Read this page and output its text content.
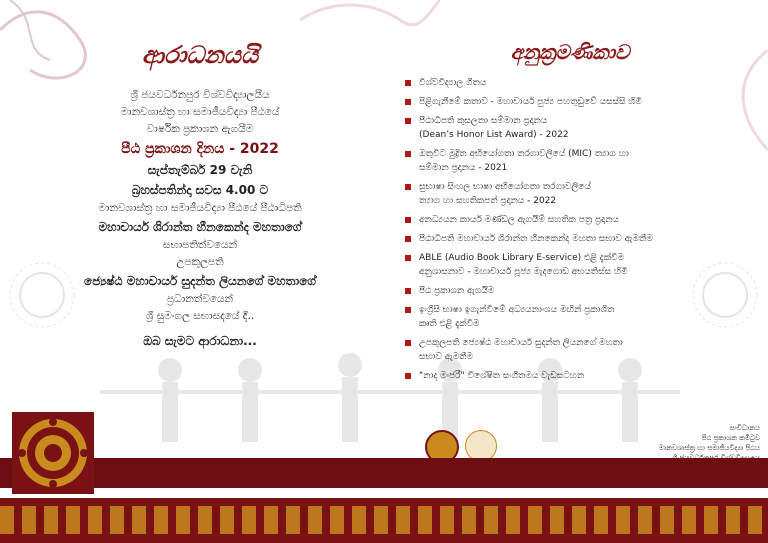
ආරාධනයයි

ශ්‍රී ජයවර්ධනපුර විශ්වවිද්‍යාලයීය

මානවශාස්ත්‍ර හා සමාජීයවිද්‍යා පීඨයේ

වාර්ෂික ප්‍රකාශන ඇගයීම

පීඨ ප්‍රකාශන දිනය - 2022

සැප්තැම්බර් 29 වැනි

බ්‍රහස්පතින්දා සවස 4.00 ට

මානවශාස්ත්‍ර හා සමාජීයවිද්‍යා පීඨයේ පීඨාධිපති

මහාචාර්ය ශිරාන්ත හීනකෙන්ද මහතාගේ

සභාපතිත්වයෙන්

උපකුලපති

ජ්‍යෙෂ්ඨ මහාචාර්ය සුදන්ත ලියනගේ මහතාගේ

ප්‍රධානත්වයෙන්

ශ්‍රී සුමංගල සභාසදයේ දී..

ඔබ සැමට ආරාධනා...

අනුක්‍රමණිකාව
විශ්වවිද්‍යාල ගීතය
පිළිගැනීමේ කතාව - මහාචාර්ය පුජ්‍ය පහතුඩුවේ යසස්සි හිමි
පීඨාධිපති කුසලතා සම්මාන ප්‍රදානය
(Dean’s Honor List Award) - 2022
ඔතුවිට මුද්‍රිත අභියෝගතා තරගාවලියේ (MIC) ත්‍යාග හා
සම්මාන ප්‍රදානය - 2021
සුභාෂා සිංහල භාෂා අභියෝගතා තරගාවලියේ
ත්‍යාග හා සහතිකපත් ප්‍රදානය - 2022
අනධ්‍යයන කාර්ය මණ්ඩල ඇගයීම් සහතික පත්‍ර ප්‍රදානය
පීඨාධිපති මහාචාර්ය ශිරාන්ත හීනකෙන්ද මහතා සභාව ඇමතීම
ABLE (Audio Book Library E-service) එළි දැක්වීම
අනුශාසනාව - මහාචාර්ය පූජ්‍ය මැදගොඩ අභයතිස්ස හිමි
පීඨ ප්‍රකාශන ඇගයීම
ඉංග්‍රීසි භාෂා ඉගැන්වීමේ අධ්‍යයනාංශය මඟින් ප්‍රකාශිත
කෘති එළි දැක්වීම
උපකුලපති ජ්‍යෙෂ්ඨ මහාචාර්ය සුදන්ත ලියනගේ මහතා
සභාව ඇමතීම
"නාද මංජරී" විශේෂිත සංගීතමය වැඩසටහන
සංවිධානය
පීඨ ප්‍රකාශන කමිටුව
මානවශාස්ත්‍ර හා සමාජීයවිද්‍යා පීඨය
